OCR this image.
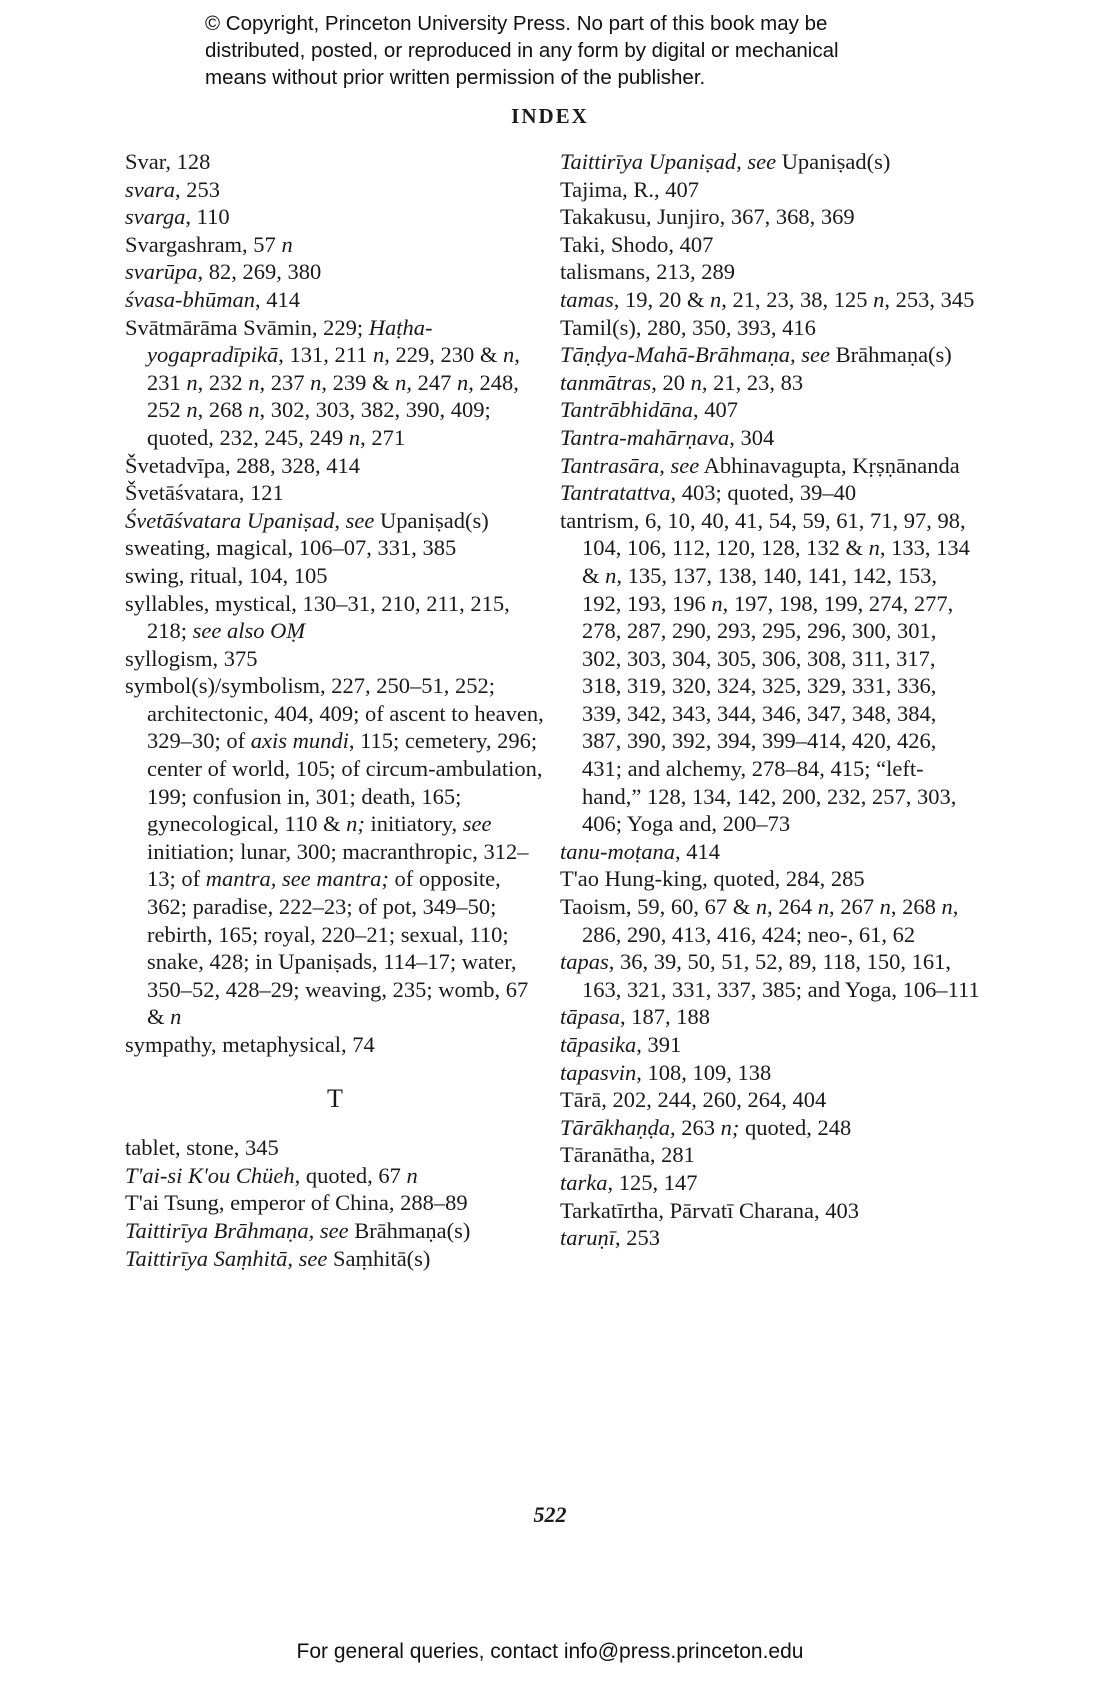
© Copyright, Princeton University Press. No part of this book may be
distributed, posted, or reproduced in any form by digital or mechanical
means without prior written permission of the publisher.
INDEX
Svar, 128
svara, 253
svarga, 110
Svargashram, 57 n
svarūpa, 82, 269, 380
śvasa-bhūman, 414
Svātmārāma Svāmin, 229; Haṭha-yogapradīpikā, 131, 211 n, 229, 230 & n, 231 n, 232 n, 237 n, 239 & n, 247 n, 248, 252 n, 268 n, 302, 303, 382, 390, 409; quoted, 232, 245, 249 n, 271
Švetadvīpa, 288, 328, 414
Švetāśvatara, 121
Śvetāśvatara Upaniṣad, see Upaniṣad(s)
sweating, magical, 106–07, 331, 385
swing, ritual, 104, 105
syllables, mystical, 130–31, 210, 211, 215, 218; see also OṂ
syllogism, 375
symbol(s)/symbolism, 227, 250–51, 252; architectonic, 404, 409; of ascent to heaven, 329–30; of axis mundi, 115; cemetery, 296; center of world, 105; of circum-ambulation, 199; confusion in, 301; death, 165; gynecological, 110 & n; initiatory, see initiation; lunar, 300; macranthropic, 312–13; of mantra, see mantra; of opposite, 362; paradise, 222–23; of pot, 349–50; rebirth, 165; royal, 220–21; sexual, 110; snake, 428; in Upaniṣads, 114–17; water, 350–52, 428–29; weaving, 235; womb, 67 & n
sympathy, metaphysical, 74
T
tablet, stone, 345
T'ai-si K'ou Chüeh, quoted, 67 n
T'ai Tsung, emperor of China, 288–89
Taittirīya Brāhmaṇa, see Brāhmaṇa(s)
Taittirīya Saṃhitā, see Saṃhitā(s)
Taittirīya Upaniṣad, see Upaniṣad(s)
Tajima, R., 407
Takakusu, Junjiro, 367, 368, 369
Taki, Shodo, 407
talismans, 213, 289
tamas, 19, 20 & n, 21, 23, 38, 125 n, 253, 345
Tamil(s), 280, 350, 393, 416
Tāṇḍya-Mahā-Brāhmaṇa, see Brāhmaṇa(s)
tanmātras, 20 n, 21, 23, 83
Tantrābhidāna, 407
Tantra-mahārṇava, 304
Tantrasāra, see Abhinavagupta, Kṛṣṇānanda
Tantratattva, 403; quoted, 39–40
tantrism, 6, 10, 40, 41, 54, 59, 61, 71, 97, 98, 104, 106, 112, 120, 128, 132 & n, 133, 134 & n, 135, 137, 138, 140, 141, 142, 153, 192, 193, 196 n, 197, 198, 199, 274, 277, 278, 287, 290, 293, 295, 296, 300, 301, 302, 303, 304, 305, 306, 308, 311, 317, 318, 319, 320, 324, 325, 329, 331, 336, 339, 342, 343, 344, 346, 347, 348, 384, 387, 390, 392, 394, 399–414, 420, 426, 431; and alchemy, 278–84, 415; “left-hand,” 128, 134, 142, 200, 232, 257, 303, 406; Yoga and, 200–73
tanu-moṭana, 414
T'ao Hung-king, quoted, 284, 285
Taoism, 59, 60, 67 & n, 264 n, 267 n, 268 n, 286, 290, 413, 416, 424; neo-, 61, 62
tapas, 36, 39, 50, 51, 52, 89, 118, 150, 161, 163, 321, 331, 337, 385; and Yoga, 106–111
tāpasa, 187, 188
tāpasika, 391
tapasvin, 108, 109, 138
Tārā, 202, 244, 260, 264, 404
Tārākhaṇḍa, 263 n; quoted, 248
Tāranātha, 281
tarka, 125, 147
Tarkatīrtha, Pārvatī Charana, 403
taruṇī, 253
522
For general queries, contact info@press.princeton.edu
